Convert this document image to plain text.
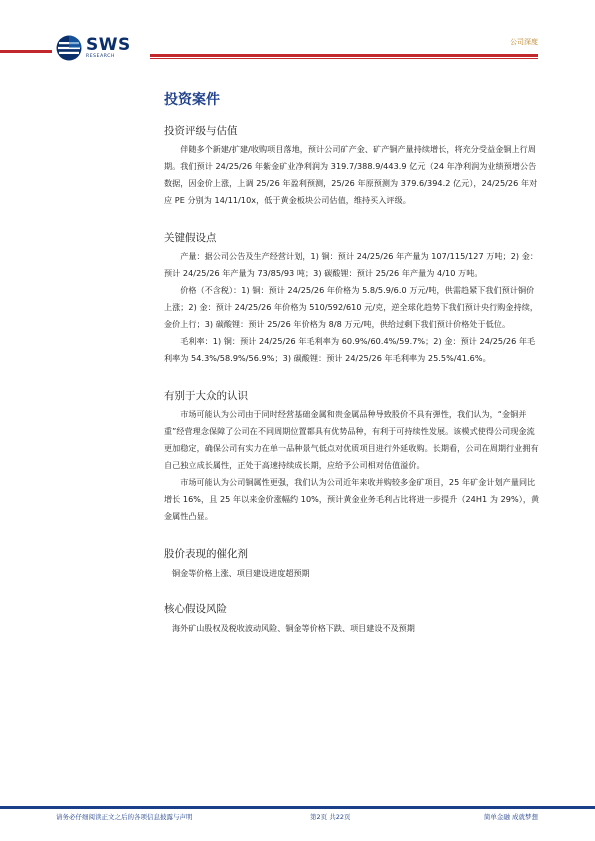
SWS
RESEARCH
公司深度
投资案件
投资评级与估值

伴随多个新建/扩建/收购项目落地，预计公司矿产金、矿产铜产量持续增长，将充分受益金铜上行周期。我们预计 24/25/26 年紫金矿业净利润为 319.7/388.9/443.9 亿元（24 年净利润为业绩预增公告数据，因金价上涨，上调 25/26 年盈利预测，25/26 年原预测为 379.6/394.2 亿元），24/25/26 年对应 PE 分别为 14/11/10x，低于黄金板块公司估值，维持买入评级。

关键假设点

产量：据公司公告及生产经营计划，1) 铜：预计 24/25/26 年产量为 107/115/127 万吨；2) 金：预计 24/25/26 年产量为 73/85/93 吨；3) 碳酸锂：预计 25/26 年产量为 4/10 万吨。

价格（不含税）：1) 铜：预计 24/25/26 年价格为 5.8/5.9/6.0 万元/吨，供需趋紧下我们预计铜价上涨；2) 金：预计 24/25/26 年价格为 510/592/610 元/克，逆全球化趋势下我们预计央行购金持续，金价上行；3) 碳酸锂：预计 25/26 年价格为 8/8 万元/吨，供给过剩下我们预计价格处于低位。

毛利率：1) 铜：预计 24/25/26 年毛利率为 60.9%/60.4%/59.7%；2) 金：预计 24/25/26 年毛利率为 54.3%/58.9%/56.9%；3) 碳酸锂：预计 24/25/26 年毛利率为 25.5%/41.6%。

有别于大众的认识

市场可能认为公司由于同时经营基础金属和贵金属品种导致股价不具有弹性，我们认为，“金铜并重”经营理念保障了公司在不同周期位置都具有优势品种，有利于可持续性发展。该模式使得公司现金流更加稳定，确保公司有实力在单一品种景气低点对优质项目进行外延收购。长期看，公司在周期行业拥有自己独立成长属性，正处于高速持续成长期，应给予公司相对估值溢价。

市场可能认为公司铜属性更强，我们认为公司近年来收并购较多金矿项目，25 年矿金计划产量同比增长 16%，且 25 年以来金价涨幅约 10%，预计黄金业务毛利占比将进一步提升（24H1 为 29%），黄金属性凸显。

股价表现的催化剂

铜金等价格上涨、项目建设进度超预期

核心假设风险

海外矿山股权及税收波动风险、铜金等价格下跌、项目建设不及预期

请务必仔细阅读正文之后的各项信息披露与声明	第2页 共22页	简单金融 成就梦想
